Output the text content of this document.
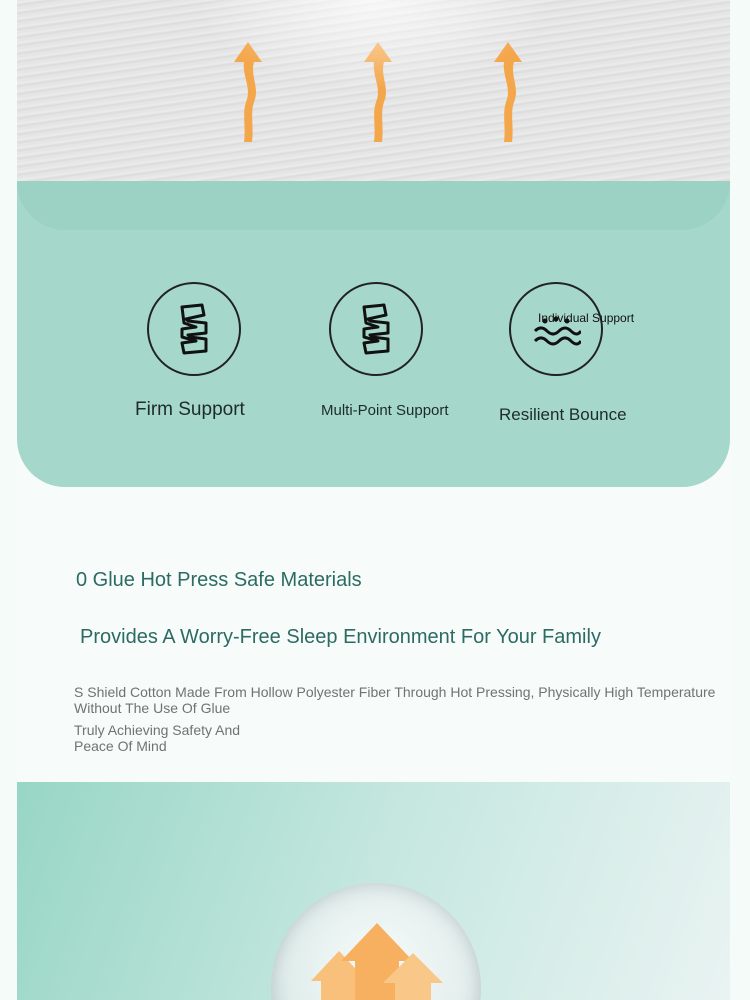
Individual Support
Firm Support	Multi-Point Support	Resilient Bounce
0 Glue Hot Press Safe Materials
Provides A Worry-Free Sleep Environment For Your Family
S Shield Cotton Made From Hollow Polyester Fiber Through Hot Pressing, Physically High Temperature Without The Use Of Glue
Truly Achieving Safety And Peace Of Mind
